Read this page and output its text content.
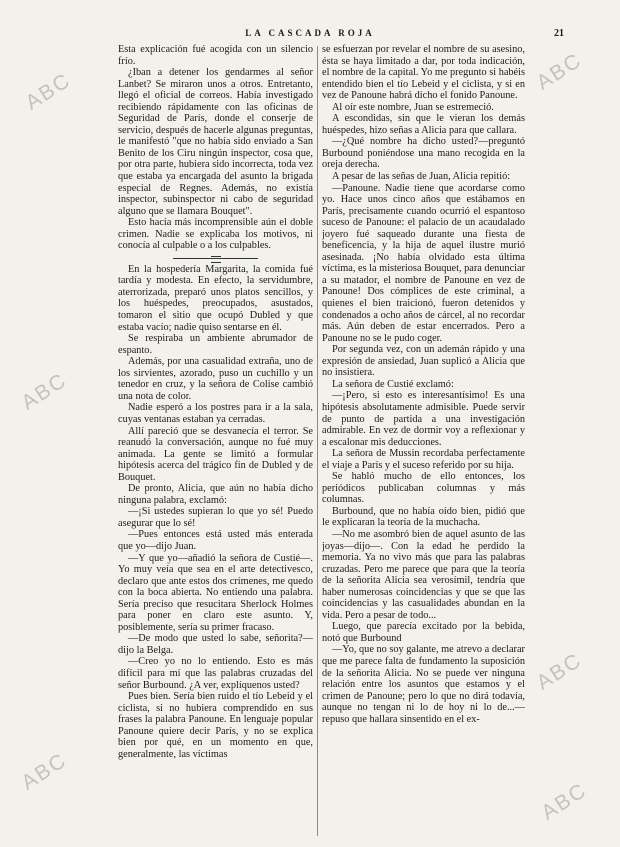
ABC
ABC
ABC
ABC
ABC
ABC
LA CASCADA ROJA	21

Esta explicación fué acogida con un silencio frío.

¿Iban a detener los gendarmes al señor Lanbet? Se miraron unos a otros. Entretanto, llegó el oficial de correos. Había investigado recibiendo rápidamente con las oficinas de Seguridad de París, donde el conserje de servicio, después de hacerle algunas preguntas, le manifestó "que no había sido enviado a San Benito de los Ciru ningún inspector, cosa que, por otra parte, hubiera sido incorrecta, toda vez que estaba ya encargada del asunto la brigada especial de Regnes. Además, no existía inspector, subinspector ni cabo de seguridad alguno que se llamara Bouquet".

Esto hacía más incomprensible aún el doble crimen. Nadie se explicaba los motivos, ni conocía al culpable o a los culpables.

En la hospedería Margarita, la comida fué tardía y modesta. En efecto, la servidumbre, aterrorizada, preparó unos platos sencillos, y los huéspedes, preocupados, asustados, tomaron el sitio que ocupó Dubled y que estaba vacío; nadie quiso sentarse en él.

Se respiraba un ambiente abrumador de espanto.

Además, por una casualidad extraña, uno de los sirvientes, azorado, puso un cuchillo y un tenedor en cruz, y la señora de Colise cambió una nota de color.

Nadie esperó a los postres para ir a la sala, cuyas ventanas estaban ya cerradas.

Allí pareció que se desvanecía el terror. Se reanudó la conversación, aunque no fué muy animada. La gente se limitó a formular hipótesis acerca del trágico fin de Dubled y de Bouquet.

De pronto, Alicia, que aún no había dicho ninguna palabra, exclamó:

—¡Si ustedes supieran lo que yo sé! Puedo asegurar que lo sé!

—Pues entonces está usted más enterada que yo—dijo Juan.

—Y que yo—añadió la señora de Custié—. Yo muy veía que sea en el arte detectivesco, declaro que ante estos dos crímenes, me quedo con la boca abierta. No entiendo una palabra. Sería preciso que resucitara Sherlock Holmes para poner en claro este asunto. Y, posiblemente, sería su primer fracaso.

—De modo que usted lo sabe, señorita?—dijo la Belga.

—Creo yo no lo entiendo. Esto es más difícil para mí que las palabras cruzadas del señor Burbound. ¿A ver, explíquenos usted?

Pues bien. Sería bien ruido el tío Lebeid y el ciclista, si no hubiera comprendido en sus frases la palabra Panoune. En lenguaje popular Panoune quiere decir París, y no se explica bien por qué, en un momento en que, generalmente, las víctimas

se esfuerzan por revelar el nombre de su asesino, ésta se haya limitado a dar, por toda indicación, el nombre de la capital. Yo me pregunto si habéis entendido bien el tío Lebeid y el ciclista, y si en vez de Panoune habrá dicho el fonido Panoune.

Al oír este nombre, Juan se estremeció.

A escondidas, sin que le vieran los demás huéspedes, hizo señas a Alicia para que callara.

—¿Qué nombre ha dicho usted?—preguntó Burbound poniéndose una mano recogida en la oreja derecha.

A pesar de las señas de Juan, Alicia repitió:

—Panoune. Nadie tiene que acordarse como yo. Hace unos cinco años que estábamos en París, precisamente cuando ocurrió el espantoso suceso de Panoune: el palacio de un acaudalado joyero fué saqueado durante una fiesta de beneficencia, y la hija de aquel ilustre murió asesinada. ¡No había olvidado esta última víctima, es la misteriosa Bouquet, para denunciar a su matador, el nombre de Panoune en vez de Panoune! Dos cómplices de este criminal, a quienes el bien traicionó, fueron detenidos y condenados a ocho años de cárcel, al no recordar más. Aún deben de estar encerrados. Pero a Panoune no se le pudo coger.

Por segunda vez, con un ademán rápido y una expresión de ansiedad, Juan suplicó a Alicia que no insistiera.

La señora de Custié exclamó:

—¡Pero, si esto es interesantísimo! Es una hipótesis absolutamente admisible. Puede servir de punto de partida a una investigación admirable. En vez de dormir voy a reflexionar y a escalonar mis deducciones.

La señora de Mussin recordaba perfectamente el viaje a París y el suceso referido por su hija.

Se habló mucho de ello entonces, los periódicos publicaban columnas y más columnas.

Burbound, que no había oído bien, pidió que le explicaran la teoría de la muchacha.

—No me asombró bien de aquel asunto de las joyas—dijo—. Con la edad he perdido la memoria. Ya no vivo más que para las palabras cruzadas. Pero me parece que para que la teoría de la señorita Alicia sea verosímil, tendría que haber numerosas coincidencias y que se que las coincidencias y las casualidades abundan en la vida. Pero a pesar de todo...

Luego, que parecía excitado por la bebida, notó que Burbound

—Yo, que no soy galante, me atrevo a declarar que me parece falta de fundamento la suposición de la señorita Alicia. No se puede ver ninguna relación entre los asuntos que estamos y el crimen de Panoune; pero lo que no dirá todavía, aunque no tengan ni lo de hoy ni lo de...—repuso que hallara sinsentido en el ex-
